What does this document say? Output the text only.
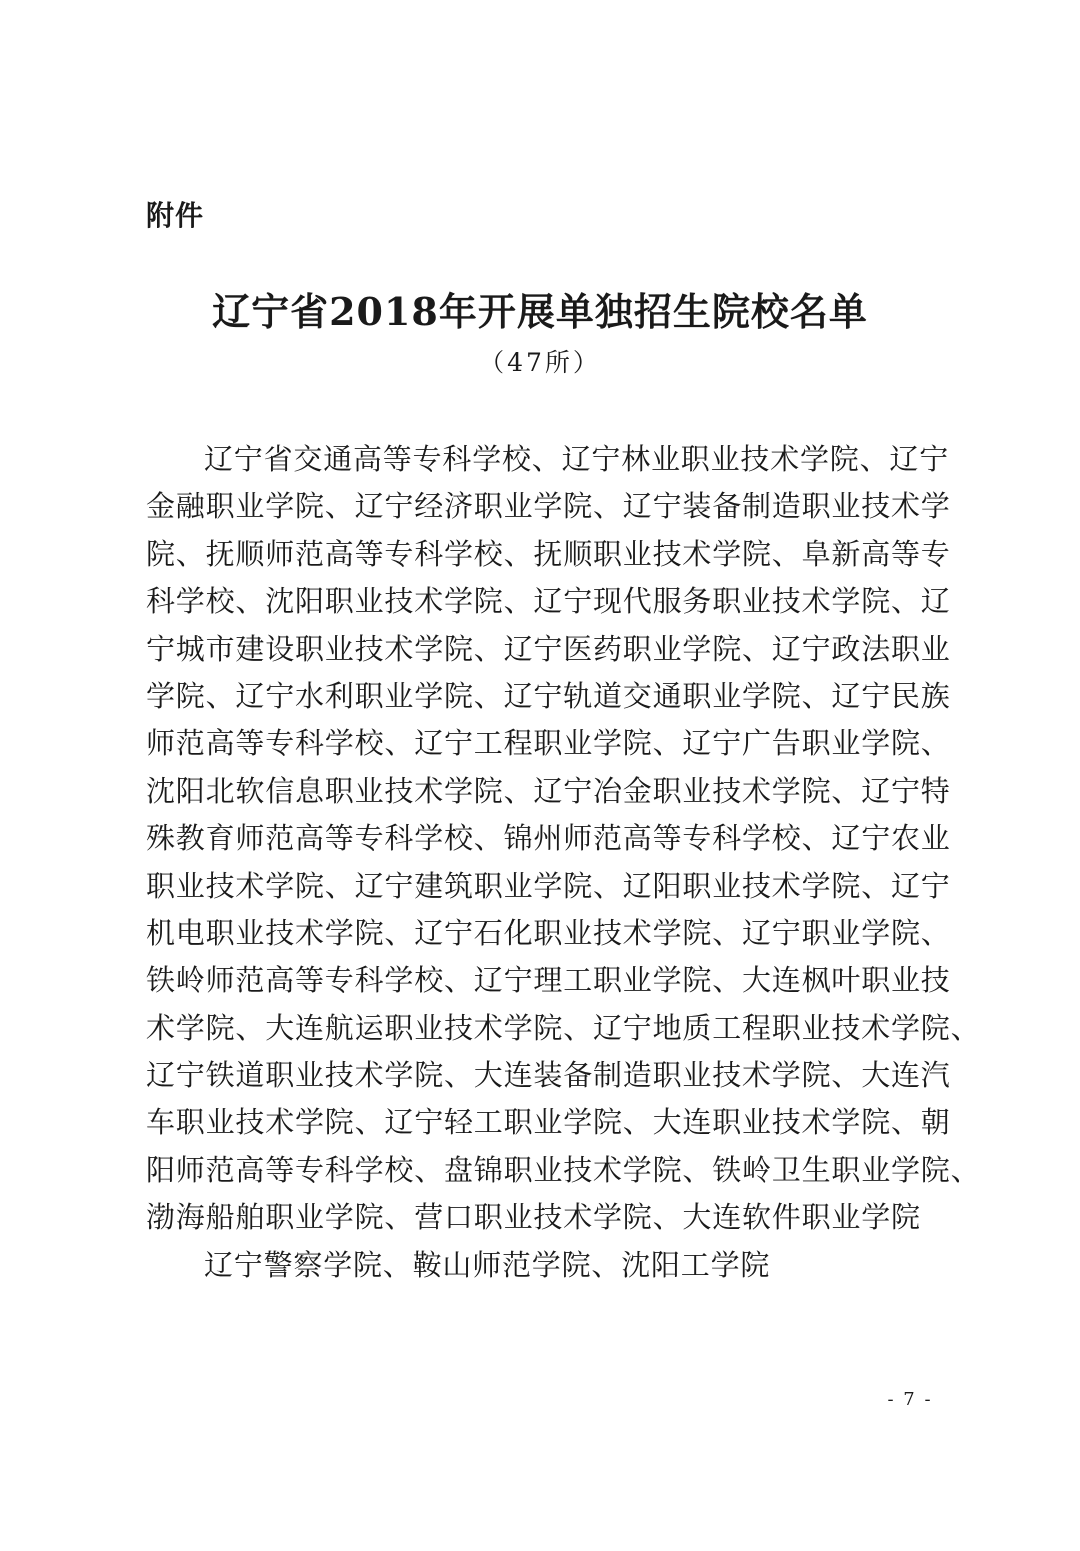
附件
辽宁省2018年开展单独招生院校名单
（47所）
辽宁省交通高等专科学校、辽宁林业职业技术学院、辽宁
金融职业学院、辽宁经济职业学院、辽宁装备制造职业技术学
院、抚顺师范高等专科学校、抚顺职业技术学院、阜新高等专
科学校、沈阳职业技术学院、辽宁现代服务职业技术学院、辽
宁城市建设职业技术学院、辽宁医药职业学院、辽宁政法职业
学院、辽宁水利职业学院、辽宁轨道交通职业学院、辽宁民族
师范高等专科学校、辽宁工程职业学院、辽宁广告职业学院、
沈阳北软信息职业技术学院、辽宁冶金职业技术学院、辽宁特
殊教育师范高等专科学校、锦州师范高等专科学校、辽宁农业
职业技术学院、辽宁建筑职业学院、辽阳职业技术学院、辽宁
机电职业技术学院、辽宁石化职业技术学院、辽宁职业学院、
铁岭师范高等专科学校、辽宁理工职业学院、大连枫叶职业技
术学院、大连航运职业技术学院、辽宁地质工程职业技术学院、
辽宁铁道职业技术学院、大连装备制造职业技术学院、大连汽
车职业技术学院、辽宁轻工职业学院、大连职业技术学院、朝
阳师范高等专科学校、盘锦职业技术学院、铁岭卫生职业学院、
渤海船舶职业学院、营口职业技术学院、大连软件职业学院
辽宁警察学院、鞍山师范学院、沈阳工学院
- 7 -
